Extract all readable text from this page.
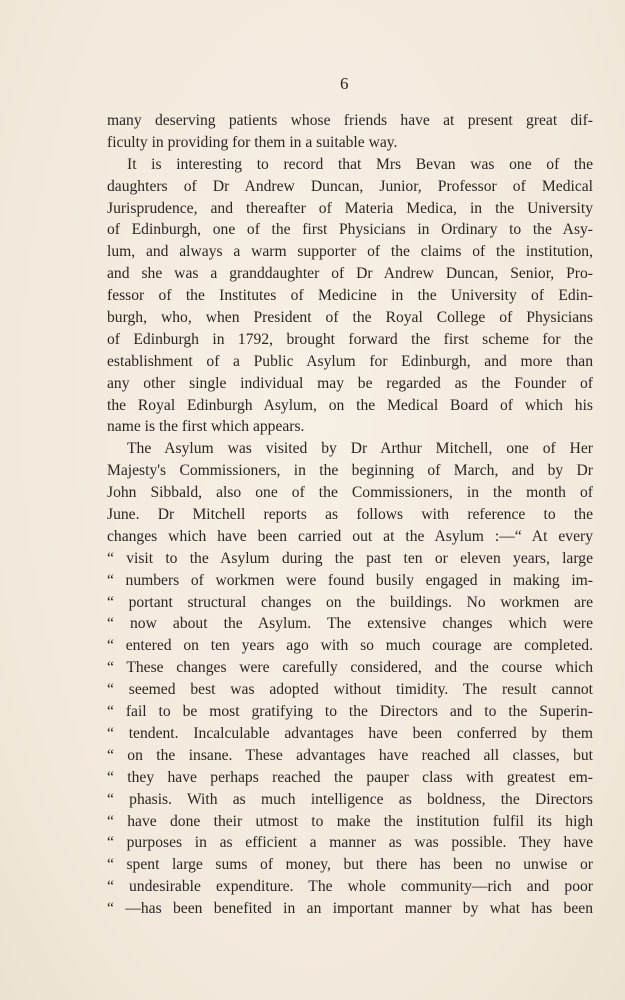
6
many deserving patients whose friends have at present great dif-
ficulty in providing for them in a suitable way.
It is interesting to record that Mrs Bevan was one of the
daughters of Dr Andrew Duncan, Junior, Professor of Medical
Jurisprudence, and thereafter of Materia Medica, in the University
of Edinburgh, one of the first Physicians in Ordinary to the Asy-
lum, and always a warm supporter of the claims of the institution,
and she was a granddaughter of Dr Andrew Duncan, Senior, Pro-
fessor of the Institutes of Medicine in the University of Edin-
burgh, who, when President of the Royal College of Physicians
of Edinburgh in 1792, brought forward the first scheme for the
establishment of a Public Asylum for Edinburgh, and more than
any other single individual may be regarded as the Founder of
the Royal Edinburgh Asylum, on the Medical Board of which his
name is the first which appears.
The Asylum was visited by Dr Arthur Mitchell, one of Her
Majesty's Commissioners, in the beginning of March, and by Dr
John Sibbald, also one of the Commissioners, in the month of
June. Dr Mitchell reports as follows with reference to the
changes which have been carried out at the Asylum :—“ At every
“ visit to the Asylum during the past ten or eleven years, large
“ numbers of workmen were found busily engaged in making im-
“ portant structural changes on the buildings. No workmen are
“ now about the Asylum. The extensive changes which were
“ entered on ten years ago with so much courage are completed.
“ These changes were carefully considered, and the course which
“ seemed best was adopted without timidity. The result cannot
“ fail to be most gratifying to the Directors and to the Superin-
“ tendent. Incalculable advantages have been conferred by them
“ on the insane. These advantages have reached all classes, but
“ they have perhaps reached the pauper class with greatest em-
“ phasis. With as much intelligence as boldness, the Directors
“ have done their utmost to make the institution fulfil its high
“ purposes in as efficient a manner as was possible. They have
“ spent large sums of money, but there has been no unwise or
“ undesirable expenditure. The whole community—rich and poor
“ —has been benefited in an important manner by what has been
